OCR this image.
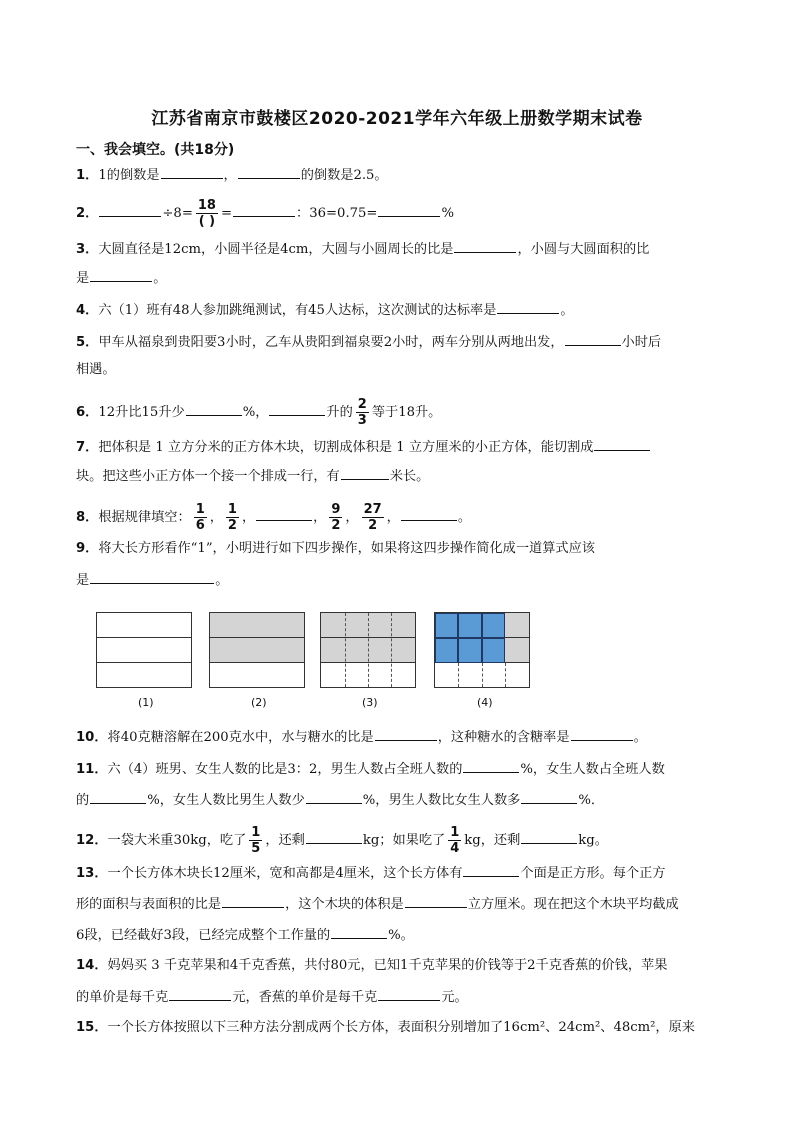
江苏省南京市鼓楼区2020-2021学年六年级上册数学期末试卷
一、我会填空。(共18分)
1．1的倒数是	，	的倒数是2.5。
2．	$\div 8= \frac{18}{( )}$ =	：36=0.75=	%
3．大圆直径是12cm，小圆半径是4cm，大圆与小圆周长的比是	，小圆与大圆面积的比
是	。
4．六（1）班有48人参加跳绳测试，有45人达标，这次测试的达标率是	。
5．甲车从福泉到贵阳要3小时，乙车从贵阳到福泉要2小时，两车分别从两地出发，	小时后
相遇。
6．12升比15升少	%，	升的 $\frac{2}{3}$ 等于18升。
7．把体积是 1 立方分米的正方体木块，切割成体积是 1 立方厘米的小正方体，能切割成
块。把这些小正方体一个接一个排成一行，有	米长。
8．根据规律填空： $\frac{1}{6}$ ， $\frac{1}{2}$ ，	， $\frac{9}{2}$ ， $\frac{27}{2}$ ，	。
9．将大长方形看作“1”，小明进行如下四步操作，如果将这四步操作简化成一道算式应该
是	。
(1)	(2)	(3)	(4)
10．将40克糖溶解在200克水中，水与糖水的比是	，这种糖水的含糖率是	。
11．六（4）班男、女生人数的比是3：2，男生人数占全班人数的	%，女生人数占全班人数
的	%，女生人数比男生人数少	%，男生人数比女生人数多	%．
12．一袋大米重30kg，吃了 $\frac{1}{5}$ ，还剩	kg；如果吃了 $\frac{1}{4}$ kg，还剩	kg。
13．一个长方体木块长12厘米，宽和高都是4厘米，这个长方体有	个面是正方形。每个正方
形的面积与表面积的比是	，这个木块的体积是	立方厘米。现在把这个木块平均截成
6段，已经截好3段，已经完成整个工作量的	%。
14．妈妈买 3 千克苹果和4千克香蕉，共付80元，已知1千克苹果的价钱等于2千克香蕉的价钱，苹果
的单价是每千克	元，香蕉的单价是每千克	元。
15．一个长方体按照以下三种方法分割成两个长方体，表面积分别增加了16cm²、24cm²、48cm²，原来
